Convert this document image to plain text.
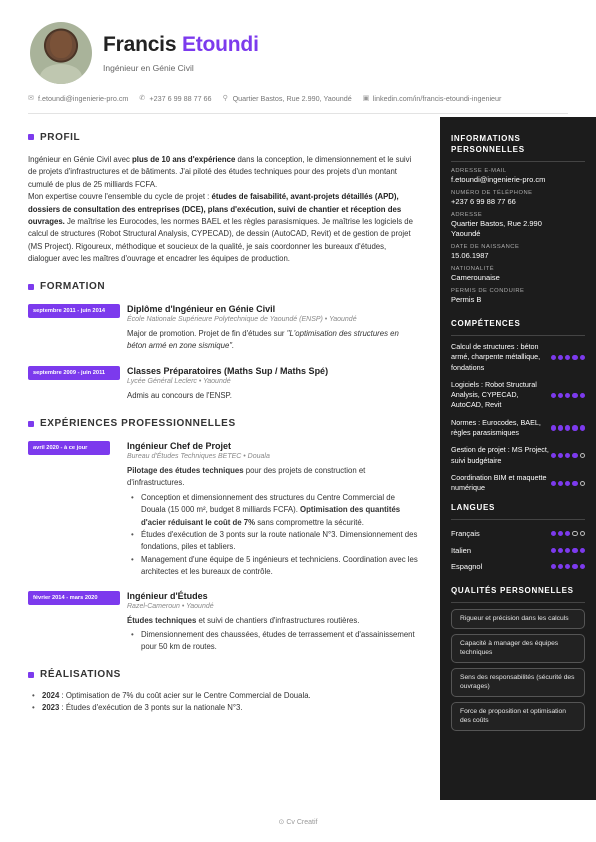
Francis Etoundi
Ingénieur en Génie Civil
✉ f.etoundi@ingenierie-pro.cm ✆ +237 6 99 88 77 66 ⚲ Quartier Bastos, Rue 2.990, Yaoundé ▣ linkedin.com/in/francis-etoundi-ingenieur
PROFIL
Ingénieur en Génie Civil avec plus de 10 ans d'expérience dans la conception, le dimensionnement et le suivi de projets d'infrastructures et de bâtiments. J'ai piloté des études techniques pour des projets d'un montant cumulé de plus de 25 milliards FCFA.
Mon expertise couvre l'ensemble du cycle de projet : études de faisabilité, avant-projets détaillés (APD), dossiers de consultation des entreprises (DCE), plans d'exécution, suivi de chantier et réception des ouvrages. Je maîtrise les Eurocodes, les normes BAEL et les règles parasismiques. Je maîtrise les logiciels de calcul de structures (Robot Structural Analysis, CYPECAD), de dessin (AutoCAD, Revit) et de gestion de projet (MS Project). Rigoureux, méthodique et soucieux de la qualité, je sais coordonner les bureaux d'études, dialoguer avec les maîtres d'ouvrage et encadrer les équipes de production.
FORMATION
septembre 2011 - juin 2014	Diplôme d'Ingénieur en Génie Civil
École Nationale Supérieure Polytechnique de Yaoundé (ENSP) • Yaoundé
Major de promotion. Projet de fin d'études sur "L'optimisation des structures en béton armé en zone sismique".
septembre 2009 - juin 2011	Classes Préparatoires (Maths Sup / Maths Spé)
Lycée Général Leclerc • Yaoundé
Admis au concours de l'ENSP.
EXPÉRIENCES PROFESSIONNELLES
avril 2020 - à ce jour	Ingénieur Chef de Projet
Bureau d'Études Techniques BETEC • Douala
Pilotage des études techniques pour des projets de construction et d'infrastructures.
• Conception et dimensionnement des structures du Centre Commercial de Douala (15 000 m², budget 8 milliards FCFA). Optimisation des quantités d'acier réduisant le coût de 7% sans compromettre la sécurité.
• Études d'exécution de 3 ponts sur la route nationale N°3. Dimensionnement des fondations, piles et tabliers.
• Management d'une équipe de 5 ingénieurs et techniciens. Coordination avec les architectes et les bureaux de contrôle.
février 2014 - mars 2020	Ingénieur d'Études
Razel-Cameroun • Yaoundé
Études techniques et suivi de chantiers d'infrastructures routières.
• Dimensionnement des chaussées, études de terrassement et d'assainissement pour 50 km de routes.
RÉALISATIONS
• 2024 : Optimisation de 7% du coût acier sur le Centre Commercial de Douala.
• 2023 : Études d'exécution de 3 ponts sur la nationale N°3.
INFORMATIONS PERSONNELLES
ADRESSE E-MAIL
f.etoundi@ingenierie-pro.cm
NUMÉRO DE TÉLÉPHONE
+237 6 99 88 77 66
ADRESSE
Quartier Bastos, Rue 2.990 Yaoundé
DATE DE NAISSANCE
15.06.1987
NATIONALITÉ
Camerounaise
PERMIS DE CONDUIRE
Permis B
COMPÉTENCES
Calcul de structures : béton armé, charpente métallique, fondations
Logiciels : Robot Structural Analysis, CYPECAD, AutoCAD, Revit
Normes : Eurocodes, BAEL, règles parasismiques
Gestion de projet : MS Project, suivi budgétaire
Coordination BIM et maquette numérique
LANGUES
Français
Italien
Espagnol
QUALITÉS PERSONNELLES
Rigueur et précision dans les calculs
Capacité à manager des équipes techniques
Sens des responsabilités (sécurité des ouvrages)
Force de proposition et optimisation des coûts
⊙ Cv Creatif
